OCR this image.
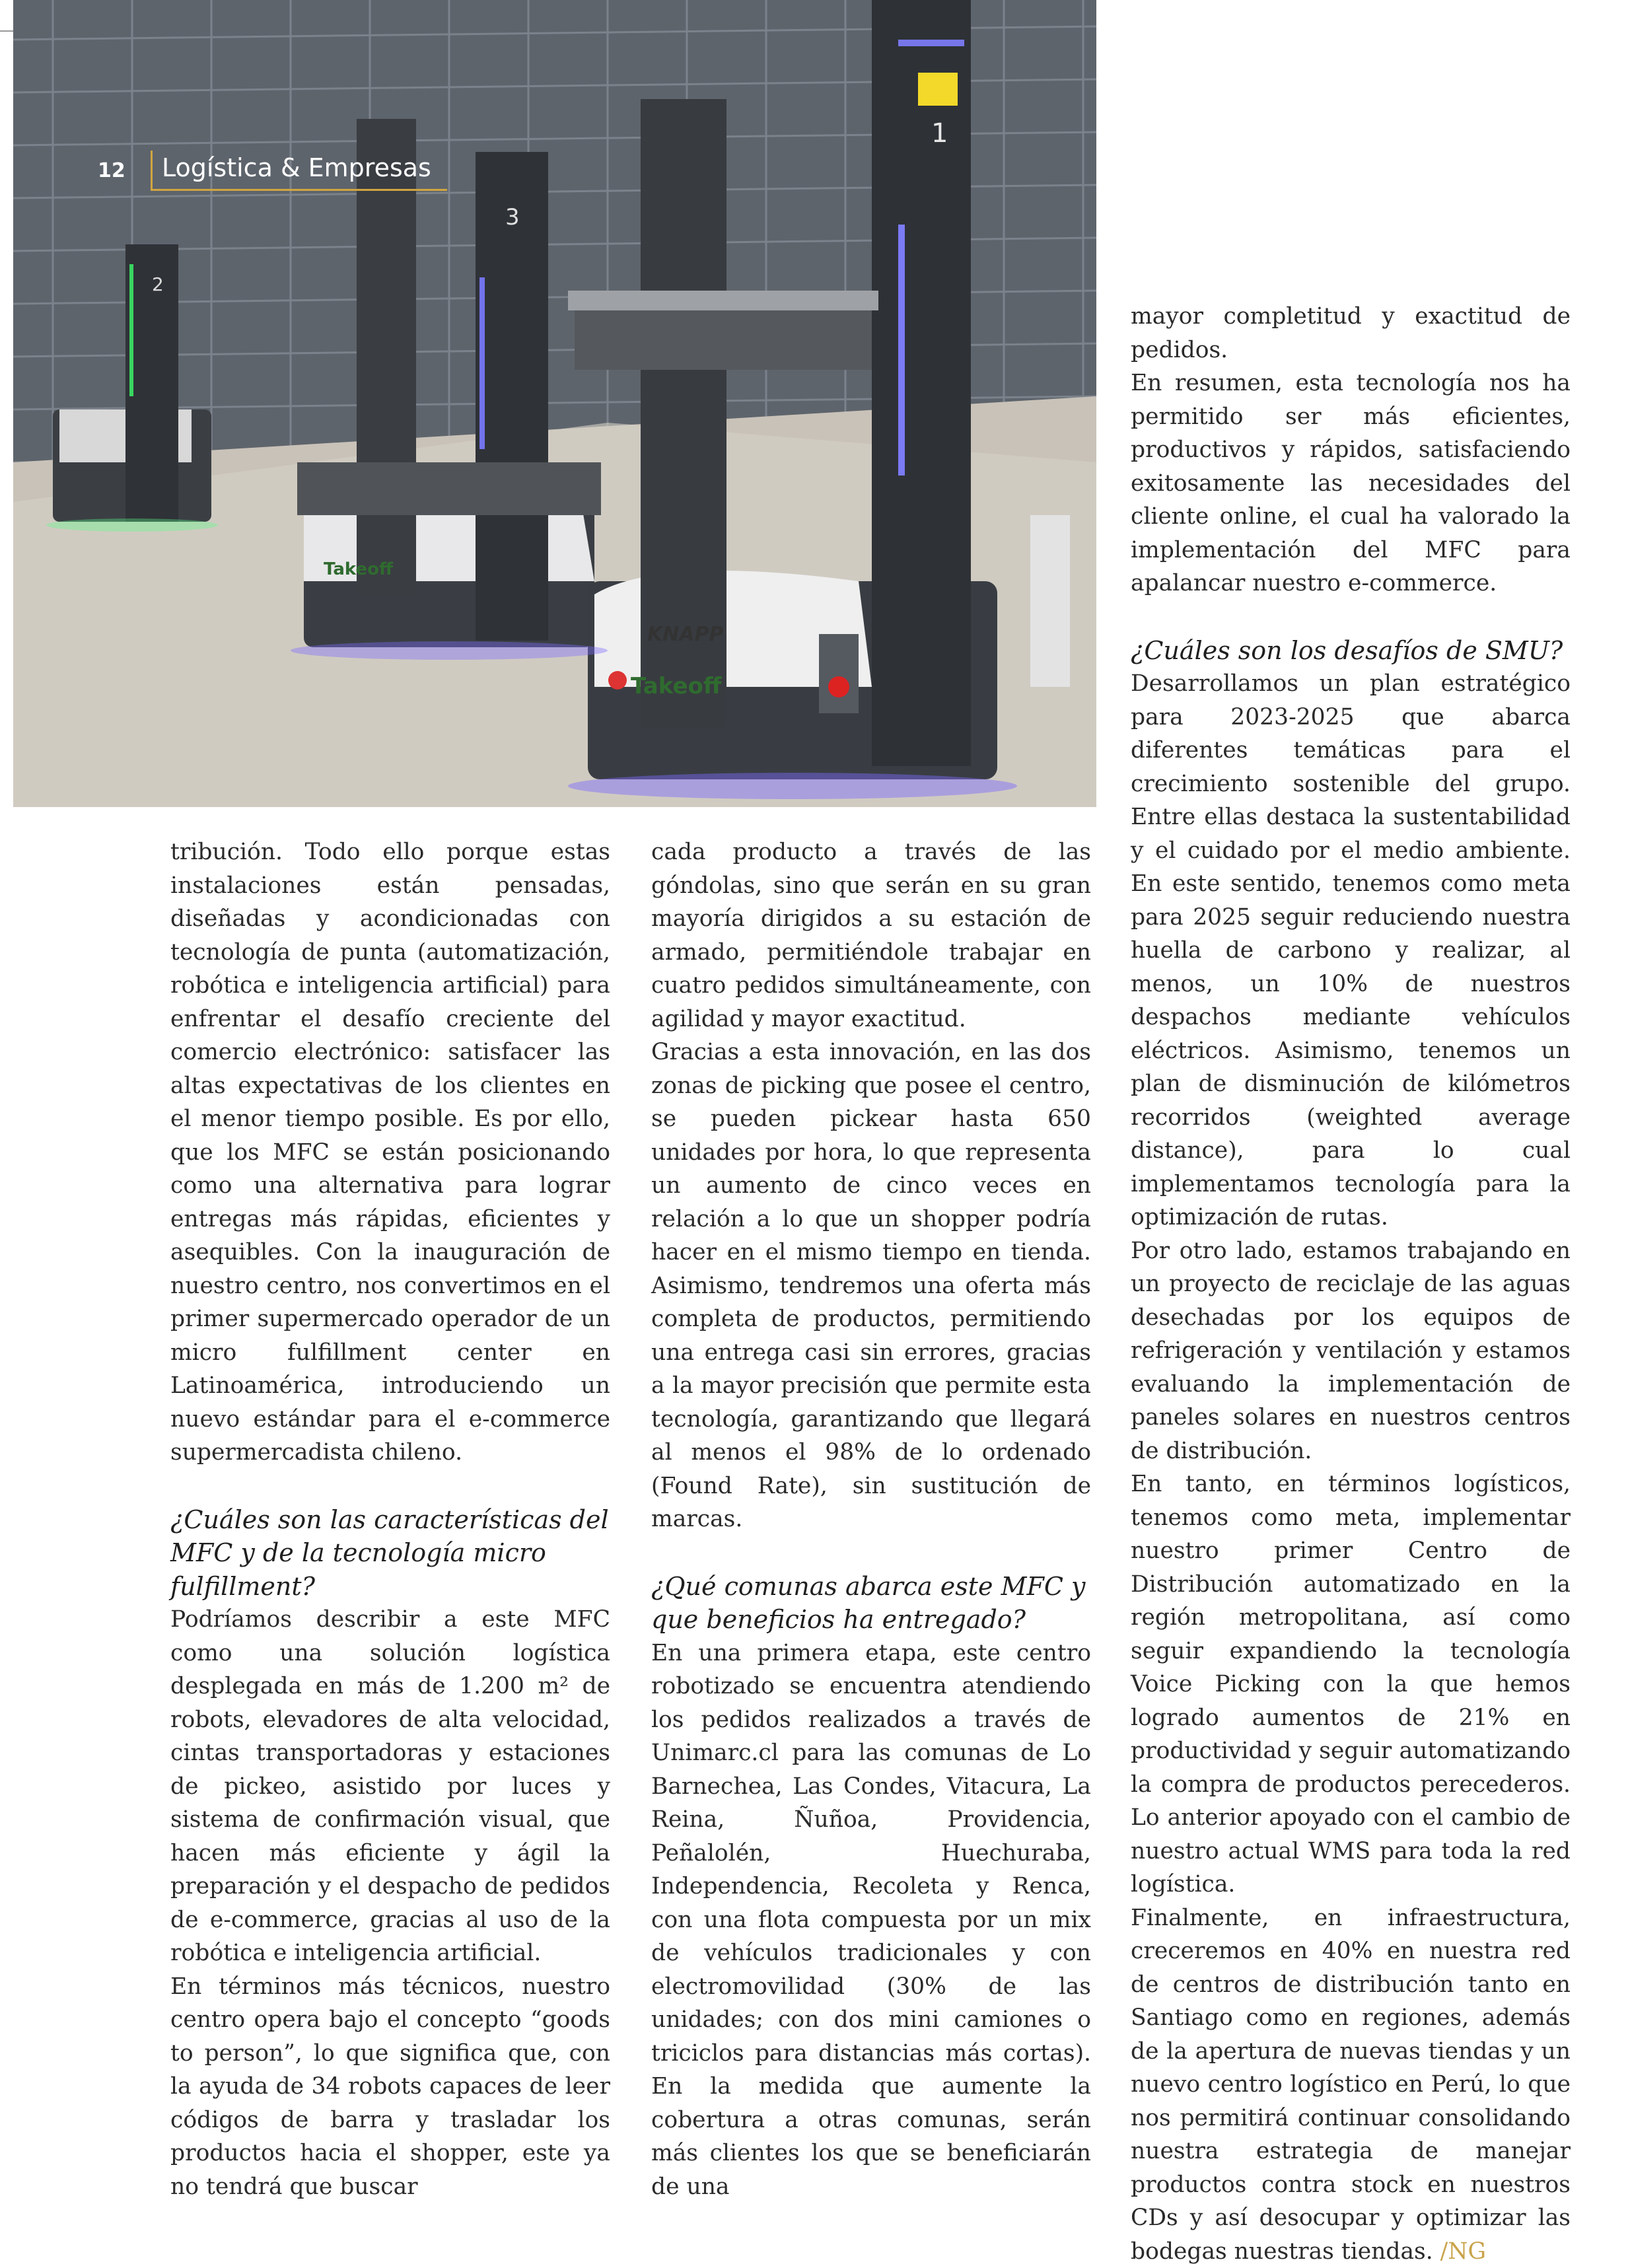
2
3
Takeoff
1
KNAPP
Takeoff
12	Logística & Empresas

tribución. Todo ello porque estas instalaciones están pensadas, diseñadas y acondicionadas con tecnología de punta (automatización, robótica e inteligencia artificial) para enfrentar el desafío creciente del comercio electrónico: satisfacer las altas expectativas de los clientes en el menor tiempo posible. Es por ello, que los MFC se están posicionando como una alternativa para lograr entregas más rápidas, eficientes y asequibles. Con la inauguración de nuestro centro, nos convertimos en el primer supermercado operador de un micro fulfillment center en Latinoamérica, introduciendo un nuevo estándar para el e-commerce supermercadista chileno.

¿Cuáles son las características del MFC y de la tecnología micro fulfillment?

Podríamos describir a este MFC como una solución logística desplegada en más de 1.200 m² de robots, elevadores de alta velocidad, cintas transportadoras y estaciones de pickeo, asistido por luces y sistema de confirmación visual, que hacen más eficiente y ágil la preparación y el despacho de pedidos de e-commerce, gracias al uso de la robótica e inteligencia artificial.

En términos más técnicos, nuestro centro opera bajo el concepto “goods to person”, lo que significa que, con la ayuda de 34 robots capaces de leer códigos de barra y trasladar los productos hacia el shopper, este ya no tendrá que buscar

cada producto a través de las góndolas, sino que serán en su gran mayoría dirigidos a su estación de armado, permitiéndole trabajar en cuatro pedidos simultáneamente, con agilidad y mayor exactitud.

Gracias a esta innovación, en las dos zonas de picking que posee el centro, se pueden pickear hasta 650 unidades por hora, lo que representa un aumento de cinco veces en relación a lo que un shopper podría hacer en el mismo tiempo en tienda. Asimismo, tendremos una oferta más completa de productos, permitiendo una entrega casi sin errores, gracias a la mayor precisión que permite esta tecnología, garantizando que llegará al menos el 98% de lo ordenado (Found Rate), sin sustitución de marcas.

¿Qué comunas abarca este MFC y que beneficios ha entregado?

En una primera etapa, este centro robotizado se encuentra atendiendo los pedidos realizados a través de Unimarc.cl para las comunas de Lo Barnechea, Las Condes, Vitacura, La Reina, Ñuñoa, Providencia, Peñalolén, Huechuraba, Independencia, Recoleta y Renca, con una flota compuesta por un mix de vehículos tradicionales y con electromovilidad (30% de las unidades; con dos mini camiones o triciclos para distancias más cortas). En la medida que aumente la cobertura a otras comunas, serán más clientes los que se beneficiarán de una

mayor completitud y exactitud de pedidos.

En resumen, esta tecnología nos ha permitido ser más eficientes, productivos y rápidos, satisfaciendo exitosamente las necesidades del cliente online, el cual ha valorado la implementación del MFC para apalancar nuestro e-commerce.

¿Cuáles son los desafíos de SMU?

Desarrollamos un plan estratégico para 2023-2025 que abarca diferentes temáticas para el crecimiento sostenible del grupo. Entre ellas destaca la sustentabilidad y el cuidado por el medio ambiente. En este sentido, tenemos como meta para 2025 seguir reduciendo nuestra huella de carbono y realizar, al menos, un 10% de nuestros despachos mediante vehículos eléctricos. Asimismo, tenemos un plan de disminución de kilómetros recorridos (weighted average distance), para lo cual implementamos tecnología para la optimización de rutas.

Por otro lado, estamos trabajando en un proyecto de reciclaje de las aguas desechadas por los equipos de refrigeración y ventilación y estamos evaluando la implementación de paneles solares en nuestros centros de distribución.

En tanto, en términos logísticos, tenemos como meta, implementar nuestro primer Centro de Distribución automatizado en la región metropolitana, así como seguir expandiendo la tecnología Voice Picking con la que hemos logrado aumentos de 21% en productividad y seguir automatizando la compra de productos perecederos. Lo anterior apoyado con el cambio de nuestro actual WMS para toda la red logística.

Finalmente, en infraestructura, creceremos en 40% en nuestra red de centros de distribución tanto en Santiago como en regiones, además de la apertura de nuevas tiendas y un nuevo centro logístico en Perú, lo que nos permitirá continuar consolidando nuestra estrategia de manejar productos contra stock en nuestros CDs y así desocupar y optimizar las bodegas nuestras tiendas. /NG
